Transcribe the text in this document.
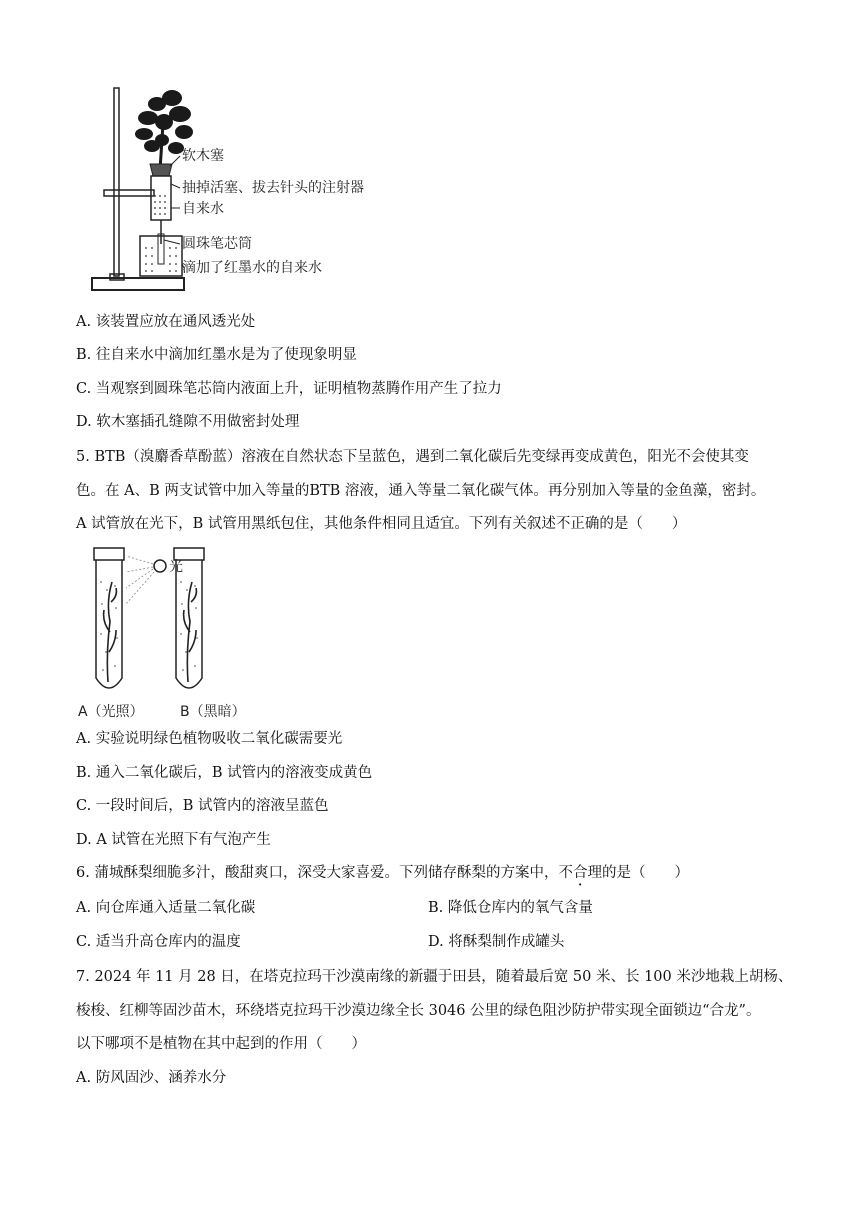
软木塞
抽掉活塞、拔去针头的注射器
自来水
圆珠笔芯筒
滴加了红墨水的自来水
A. 该装置应放在通风透光处
B. 往自来水中滴加红墨水是为了使现象明显
C. 当观察到圆珠笔芯筒内液面上升，证明植物蒸腾作用产生了拉力
D. 软木塞插孔缝隙不用做密封处理
5. BTB（溴麝香草酚蓝）溶液在自然状态下呈蓝色，遇到二氧化碳后先变绿再变成黄色，阳光不会使其变
色。在 A、B 两支试管中加入等量的BTB 溶液，通入等量二氧化碳气体。再分别加入等量的金鱼藻，密封。
A 试管放在光下，B 试管用黑纸包住，其他条件相同且适宜。下列有关叙述不正确的是（　　）
光
A（光照）	B（黑暗）
A. 实验说明绿色植物吸收二氧化碳需要光
B. 通入二氧化碳后，B 试管内的溶液变成黄色
C. 一段时间后，B 试管内的溶液呈蓝色
D. A 试管在光照下有气泡产生
6. 蒲城酥梨细脆多汁，酸甜爽口，深受大家喜爱。下列储存酥梨的方案中，不合理的是（　　）
A. 向仓库通入适量二氧化碳	B. 降低仓库内的氧气含量
C. 适当升高仓库内的温度	D. 将酥梨制作成罐头
7. 2024 年 11 月 28 日，在塔克拉玛干沙漠南缘的新疆于田县，随着最后宽 50 米、长 100 米沙地栽上胡杨、
梭梭、红柳等固沙苗木，环绕塔克拉玛干沙漠边缘全长 3046 公里的绿色阻沙防护带实现全面锁边“合龙”。
以下哪项不是植物在其中起到的作用（　　）
A. 防风固沙、涵养水分
